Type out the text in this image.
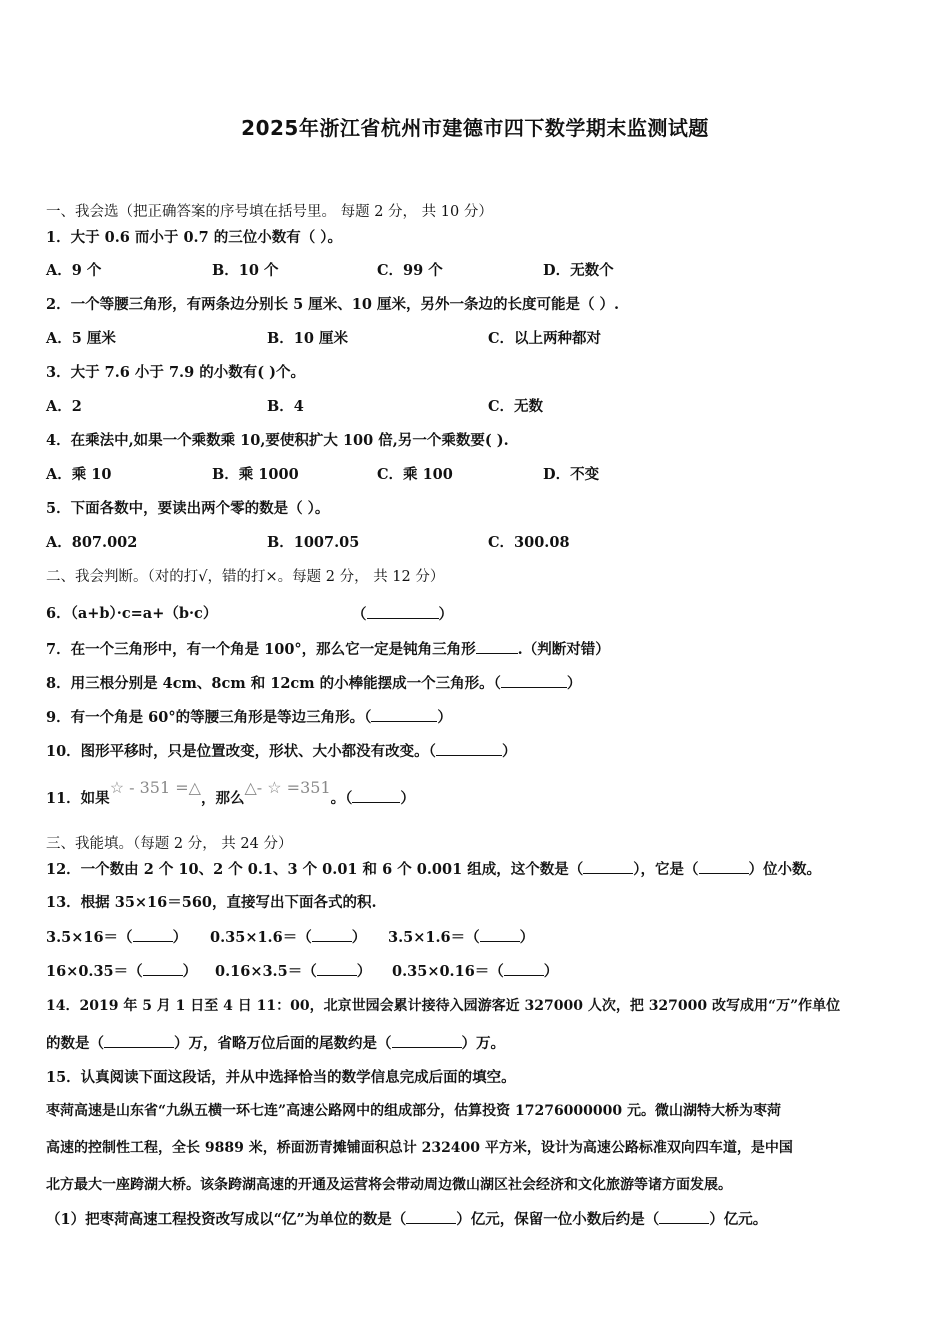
2025年浙江省杭州市建德市四下数学期末监测试题
一、我会选（把正确答案的序号填在括号里。 每题 2 分， 共 10 分）
1．大于 0.6 而小于 0.7 的三位小数有（ ）。
A．9 个	B．10 个	C．99 个	D．无数个
2．一个等腰三角形，有两条边分别长 5 厘米、10 厘米，另外一条边的长度可能是（ ）.
A．5 厘米	B．10 厘米	C．以上两种都对
3．大于 7.6 小于 7.9 的小数有( )个。
A．2	B．4	C．无数
4．在乘法中,如果一个乘数乘 10,要使积扩大 100 倍,另一个乘数要( ).
A．乘 10	B．乘 1000	C．乘 100	D．不变
5．下面各数中，要读出两个零的数是（ ）。
A．807.002	B．1007.05	C．300.08
二、我会判断。（对的打√，错的打×。每题 2 分， 共 12 分）
6．（a+b）·c=a+（b·c）	（	）
7．在一个三角形中，有一个角是 100°，那么它一定是钝角三角形	.（判断对错）
8．用三根分别是 4cm、8cm 和 12cm 的小棒能摆成一个三角形。（	）
9．有一个角是 60°的等腰三角形是等边三角形。（	）
10．图形平移时，只是位置改变，形状、大小都没有改变。（	）
11．如果☆ - 351 =△，那么△- ☆ =351。（	）
三、我能填。（每题 2 分， 共 24 分）
12．一个数由 2 个 10、2 个 0.1、3 个 0.01 和 6 个 0.001 组成，这个数是（	），它是（	）位小数。
13．根据 35×16＝560，直接写出下面各式的积.
3.5×16＝（	） 0.35×1.6＝（	） 3.5×1.6＝（	）
16×0.35＝（	） 0.16×3.5＝（	） 0.35×0.16＝（	）
14．2019 年 5 月 1 日至 4 日 11：00，北京世园会累计接待入园游客近 327000 人次，把 327000 改写成用“万”作单位
的数是（	）万，省略万位后面的尾数约是（	）万。
15．认真阅读下面这段话，并从中选择恰当的数学信息完成后面的填空。
枣菏高速是山东省“九纵五横一环七连”高速公路网中的组成部分，估算投资 17276000000 元。微山湖特大桥为枣菏
高速的控制性工程，全长 9889 米，桥面沥青摊铺面积总计 232400 平方米，设计为高速公路标准双向四车道，是中国
北方最大一座跨湖大桥。该条跨湖高速的开通及运营将会带动周边微山湖区社会经济和文化旅游等诸方面发展。
（1）把枣菏高速工程投资改写成以“亿”为单位的数是（	）亿元，保留一位小数后约是（	）亿元。
